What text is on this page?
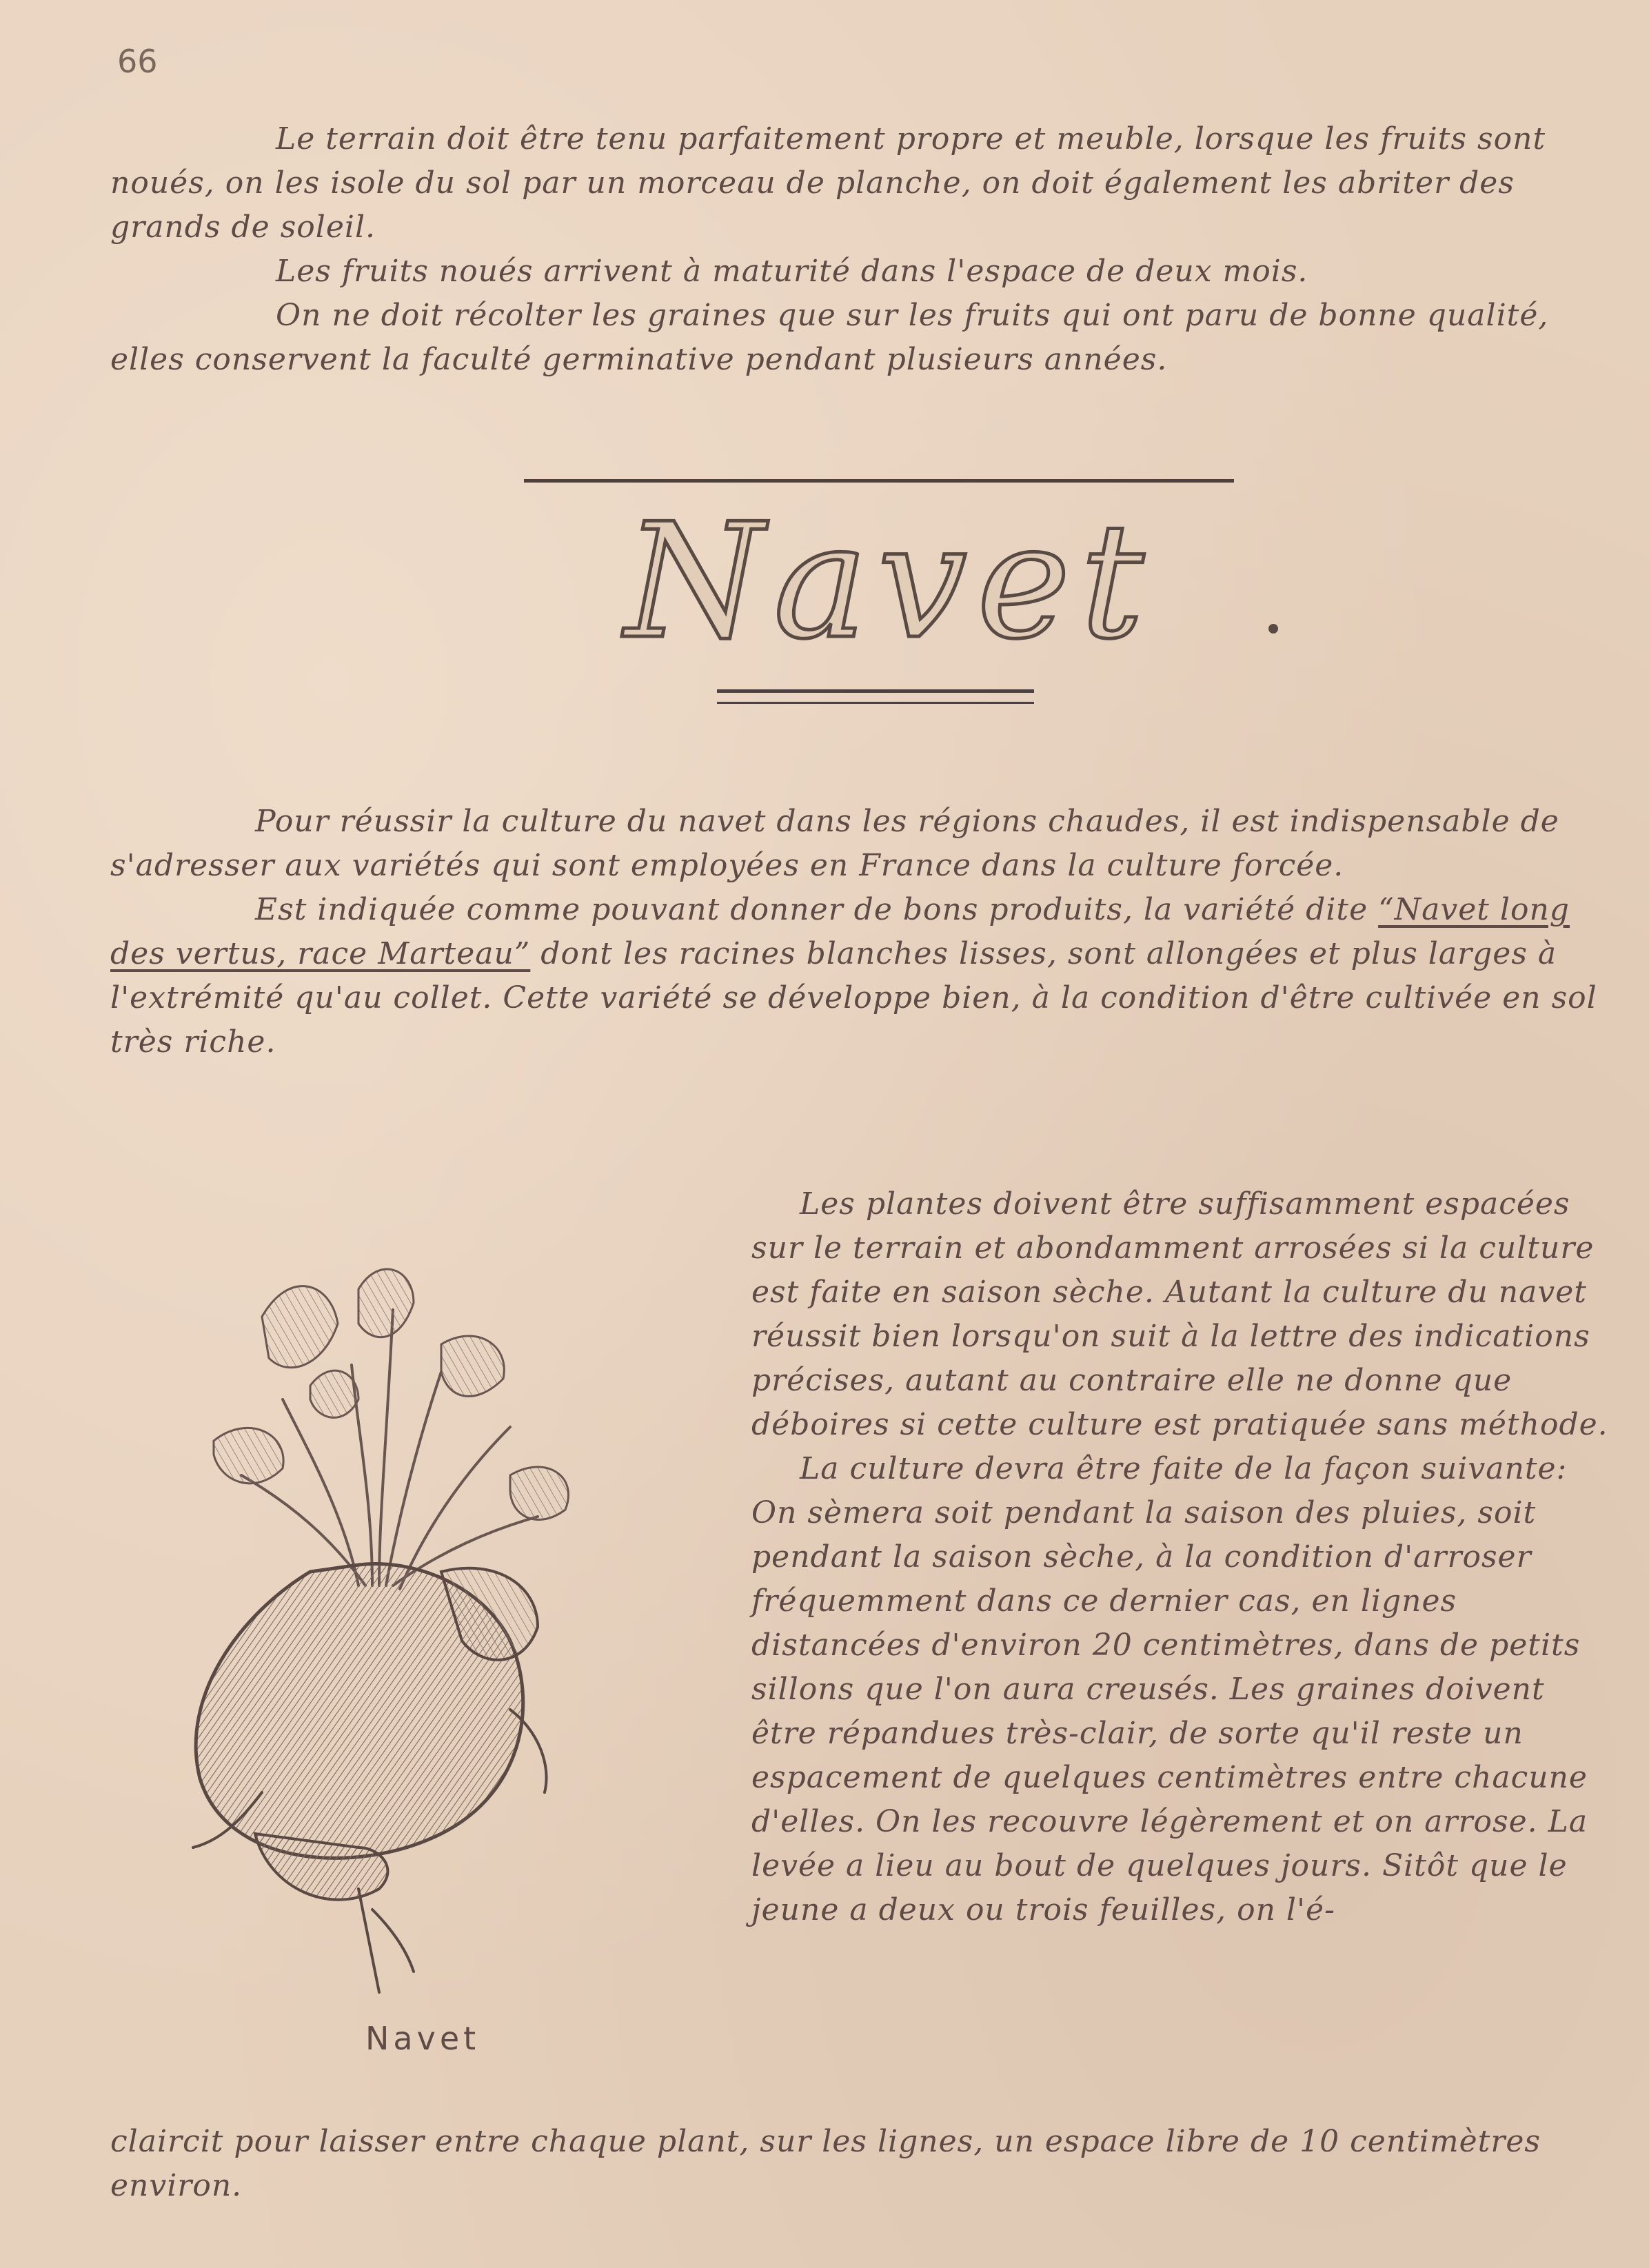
66

Le terrain doit être tenu parfaitement propre et meuble, lorsque les fruits sont noués, on les isole du sol par un morceau de planche, on doit également les abriter des grands de soleil.

Les fruits noués arrivent à maturité dans l'espace de deux mois.

On ne doit récolter les graines que sur les fruits qui ont paru de bonne qualité, elles conservent la faculté germinative pendant plusieurs années.

Navet

Pour réussir la culture du navet dans les régions chaudes, il est indispensable de s'adresser aux variétés qui sont employées en France dans la culture forcée.

Est indiquée comme pouvant donner de bons produits, la variété dite “Navet long des vertus, race Marteau” dont les racines blanches lisses, sont allongées et plus larges à l'extrémité qu'au collet. Cette variété se développe bien, à la condition d'être cultivée en sol très riche.

Navet

Les plantes doivent être suffisamment espacées sur le terrain et abondamment arrosées si la culture est faite en saison sèche. Autant la culture du navet réussit bien lorsqu'on suit à la lettre des indications précises, autant au contraire elle ne donne que déboires si cette culture est pratiquée sans méthode.

La culture devra être faite de la façon suivante: On sèmera soit pendant la saison des pluies, soit pendant la saison sèche, à la condition d'arroser fréquemment dans ce dernier cas, en lignes distancées d'environ 20 centimètres, dans de petits sillons que l'on aura creusés. Les graines doivent être répandues très-clair, de sorte qu'il reste un espacement de quelques centimètres entre chacune d'elles. On les recouvre légèrement et on arrose. La levée a lieu au bout de quelques jours. Sitôt que le jeune a deux ou trois feuilles, on l'é-

claircit pour laisser entre chaque plant, sur les lignes, un espace libre de 10 centimètres environ.
